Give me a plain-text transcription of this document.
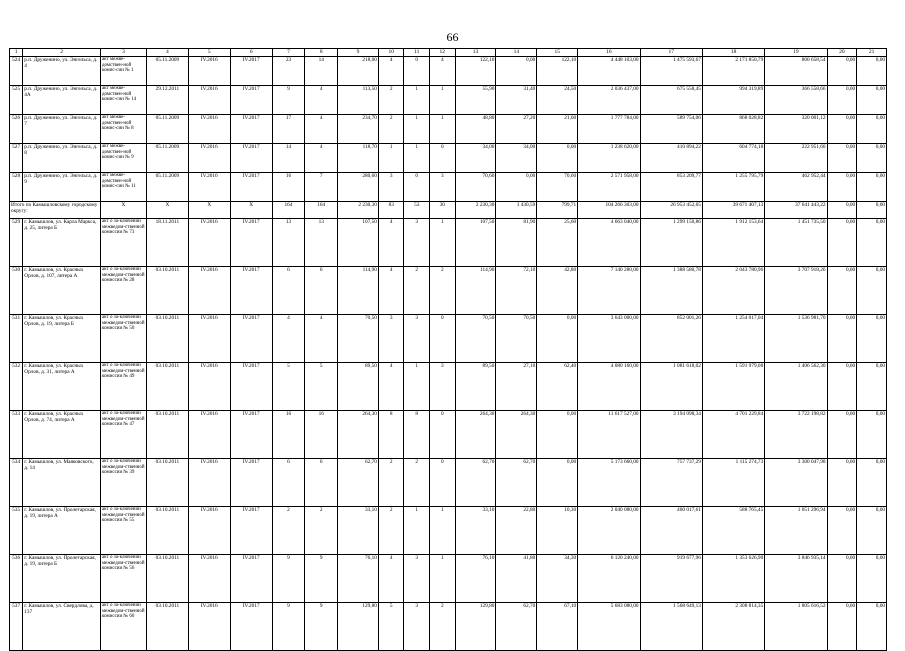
66
1	2	3	4	5	6	7	8	9	10	11	12	13	14	15	16	17	18	19	20	21
524	р.п. Друженино, ул. Энгельса, д. 4	акт межве-домствен-ной комис-сии № 1	05.11.2009	IV.2016	IV.2017	23	14	218,00	4	0	4	122,10	0,00	122,10	4 448 103,00	1 475 593,67	2 171 850,79	800 658,54	0,00	0,00
525	р.п. Друженино, ул. Энгельса, д. 4А	акт межве-домствен-ной комис-сии № 14	29.12.2011	IV.2016	IV.2017	9	4	113,50	2	1	1	55,90	31,40	24,50	2 036 437,00	675 558,45	994 319,89	366 558,66	0,00	0,00
526	р.п. Друженино, ул. Энгельса, д. 7	акт межве-домствен-ной комис-сии № 8	05.11.2009	IV.2016	IV.2017	17	4	234,70	2	1	1	48,80	27,20	21,60	1 777 784,00	589 754,06	868 028,82	320 001,12	0,00	0,00
527	р.п. Друженино, ул. Энгельса, д. 8	акт межве-домствен-ной комис-сии № 9	05.11.2009	IV.2016	IV.2017	14	4	118,70	1	1	0	34,00	34,00	0,00	1 238 620,00	410 894,22	604 774,18	222 951,60	0,00	0,00
528	р.п. Друженино, ул. Энгельса, д. 9	акт межве-домствен-ной комис-сии № 11	05.11.2009	IV.2016	IV.2017	16	7	280,60	3	0	3	70,60	0,00	70,60	2 571 958,00	853 209,77	1 255 795,79	462 952,44	0,00	0,00
Итого по Камышловскому городскому округу:		X	X	X	X	164	164	2 230,30	83	53	30	2 230,30	1 430,59	799,71	104 266 303,00	26 953 452,65	39 671 407,13	37 641 443,22	0,00	0,00
529	г. Камышлов, ул. Карла Маркса, д. 25, литера Б	акт о за-ключении межведом-ственной комиссии № 73	18.11.2011	IV.2016	IV.2017	13	13	107,50	4	3	1	107,50	81,90	25,60	4 663 040,00	1 299 150,86	1 912 153,64	1 451 735,50	0,00	0,00
530	г. Камышлов, ул. Красных Орлов, д. 107, литера А	акт о за-ключении межведом-ственной комиссии № 28	03.10.2011	IV.2016	IV.2017	6	6	114,90	4	2	2	114,90	72,10	42,80	7 140 280,00	1 388 580,78	2 043 780,96	3 707 918,26	0,00	0,00
531	г. Камышлов, ул. Красных Орлов, д. 19, литера Б	акт о за-ключении межведом-ственной комиссии № 50	03.10.2011	IV.2016	IV.2017	4	4	70,50	3	3	0	70,50	70,50	0,00	3 643 000,00	852 001,26	1 254 017,04	1 536 981,70	0,00	0,00
532	г. Камышлов, ул. Красных Орлов, д. 31, литера А	акт о за-ключении межведом-ственной комиссии № 49	03.10.2011	IV.2016	IV.2017	5	5	89,50	4	1	3	89,50	27,10	62,40	4 080 160,00	1 081 618,02	1 591 979,08	1 406 562,30	0,00	0,00
533	г. Камышлов, ул. Красных Орлов, д. 74, литера А	акт о за-ключении межведом-ственной комиссии № 47	03.10.2011	IV.2016	IV.2017	16	16	264,30	8	8	0	264,30	264,30	0,00	11 617 527,00	3 194 098,34	4 701 229,84	3 722 198,82	0,00	0,00
534	г. Камышлов, ул. Маяковского, д. 14	акт о за-ключении межведом-ственной комиссии № 39	03.10.2011	IV.2016	IV.2017	6	6	62,70	2	2	0	62,70	62,70	0,00	5 173 660,00	757 737,29	1 115 274,73	3 300 047,98	0,00	0,00
535	г. Камышлов, ул. Пролетарская, д. 19, литера А	акт о за-ключении межведом-ственной комиссии № 55	03.10.2011	IV.2016	IV.2017	2	2	33,10	2	1	1	33,10	22,80	10,30	2 040 080,00	400 017,61	588 765,45	1 051 296,94	0,00	0,00
536	г. Камышлов, ул. Пролетарская, д. 19, литера Б	акт о за-ключении межведом-ственной комиссии № 56	03.10.2011	IV.2016	IV.2017	9	9	76,10	4	3	1	76,10	41,80	34,30	6 120 240,00	919 677,96	1 353 626,90	3 846 935,14	0,00	0,00
537	г. Камышлов, ул. Свердлова, д. 137	акт о за-ключении межведом-ственной комиссии № 60	03.10.2011	IV.2016	IV.2017	9	9	129,80	5	3	2	129,80	62,70	67,10	5 683 080,00	1 568 649,13	2 308 814,35	1 805 616,52	0,00	0,00
